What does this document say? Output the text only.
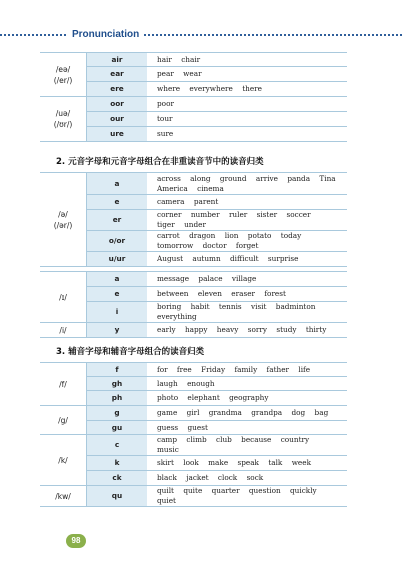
Pronunciation
/eə/
(/er/)	air	hair chair
	ear	pear wear
	ere	where everywhere there
/uə/
(/ʊr/)	oor	poor
	our	tour
	ure	sure
2. 元音字母和元音字母组合在非重读音节中的读音归类
/ə/
(/ər/)	a	across along ground arrive panda Tina America cinema
	e	camera parent
	er	corner number ruler sister soccer tiger under
	o/or	carrot dragon lion potato today tomorrow doctor forget
	u/ur	August autumn difficult surprise
/ɪ/	a	message palace village
	e	between eleven eraser forest
	i	boring habit tennis visit badminton everything
/i/	y	early happy heavy sorry study thirty
3. 辅音字母和辅音字母组合的读音归类
/f/	f	for free Friday family father life
	gh	laugh enough
	ph	photo elephant geography
/g/	g	game girl grandma grandpa dog bag
	gu	guess guest
/k/	c	camp climb club because country music
	k	skirt look make speak talk week
	ck	black jacket clock sock
/kw/	qu	quilt quite quarter question quickly quiet
98
